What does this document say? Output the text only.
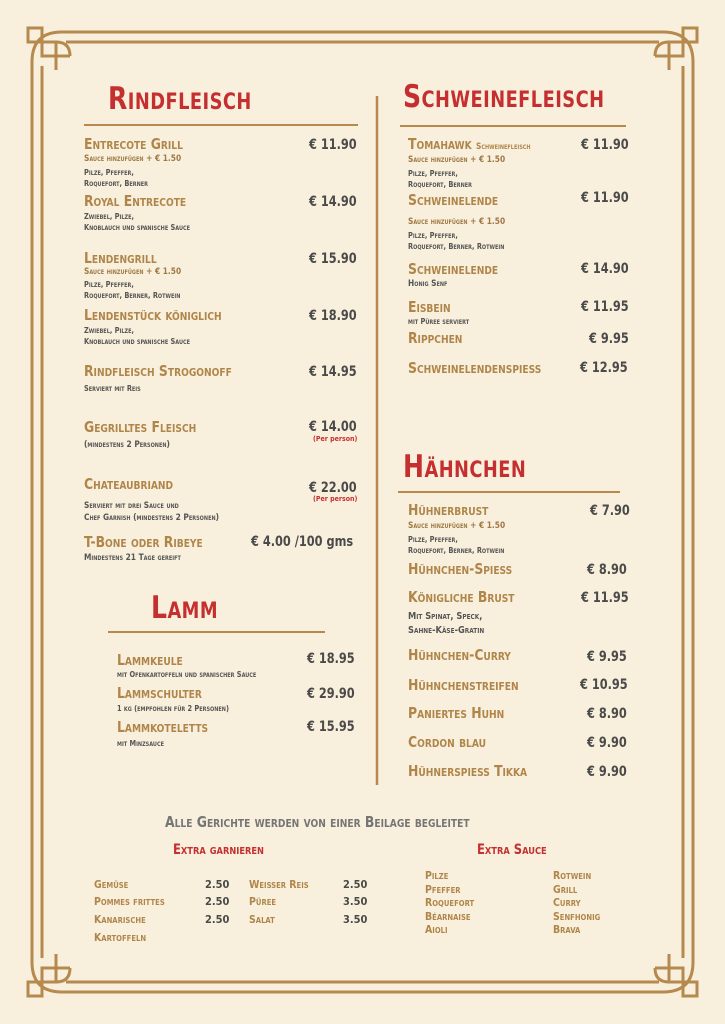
Rindfleisch
Entrecote Grill	€ 11.90
Sauce hinzufügen + € 1.50
Pilze, Pfeffer,
Roquefort, Berner
Royal Entrecote	€ 14.90
Zwiebel, Pilze,
Knoblauch und spanische Sauce
Lendengrill	€ 15.90
Sauce hinzufügen + € 1.50
Pilze, Pfeffer,
Roquefort, Berner, Rotwein
Lendenstück königlich	€ 18.90
Zwiebel, Pilze,
Knoblauch und spanische Sauce
Rindfleisch Strogonoff	€ 14.95
Serviert mit Reis
Gegrilltes Fleisch	€ 14.00
(Per person)
(mindestens 2 Personen)
Chateaubriand	€ 22.00
(Per person)
Serviert mit drei Sauce und
Chef Garnish (mindestens 2 Personen)
T-Bone oder Ribeye	€ 4.00 /100 gms
Mindestens 21 Tage gereift
Lamm
Lammkeule	€ 18.95
mit Ofenkartoffeln und spanischer Sauce
Lammschulter	€ 29.90
1 kg (empfohlen für 2 Personen)
Lammkoteletts	€ 15.95
mit Minzsauce
Schweinefleisch
Tomahawk Schweinefleisch	€ 11.90
Sauce hinzufügen + € 1.50
Pilze, Pfeffer,
Roquefort, Berner
Schweinelende	€ 11.90
Sauce hinzufügen + € 1.50
Pilze, Pfeffer,
Roquefort, Berner, Rotwein
Schweinelende	€ 14.90
Honig Senf
Eisbein	€ 11.95
mit Püree serviert
Rippchen	€ 9.95
Schweinelendenspieß	€ 12.95
Hähnchen
Hühnerbrust	€ 7.90
Sauce hinzufügen + € 1.50
Pilze, Pfeffer,
Roquefort, Berner, Rotwein
Hühnchen-Spieß	€ 8.90
Königliche Brust	€ 11.95
Mit Spinat, Speck,
Sahne-Käse-Gratin
Hühnchen-Curry	€ 9.95
Hühnchenstreifen	€ 10.95
Paniertes Huhn	€ 8.90
Cordon blau	€ 9.90
Hühnerspieß Tikka	€ 9.90
Alle Gerichte werden von einer Beilage begleitet
Extra garnieren
Gemüse	2.50
Pommes frittes	2.50
Kanarische	2.50
Kartoffeln
Weißer Reis	2.50
Püree	3.50
Salat	3.50
Extra Sauce
Pilze
Pfeffer
Roquefort
Béarnaise
Aioli
Rotwein
Grill
Curry
Senfhonig
Brava
